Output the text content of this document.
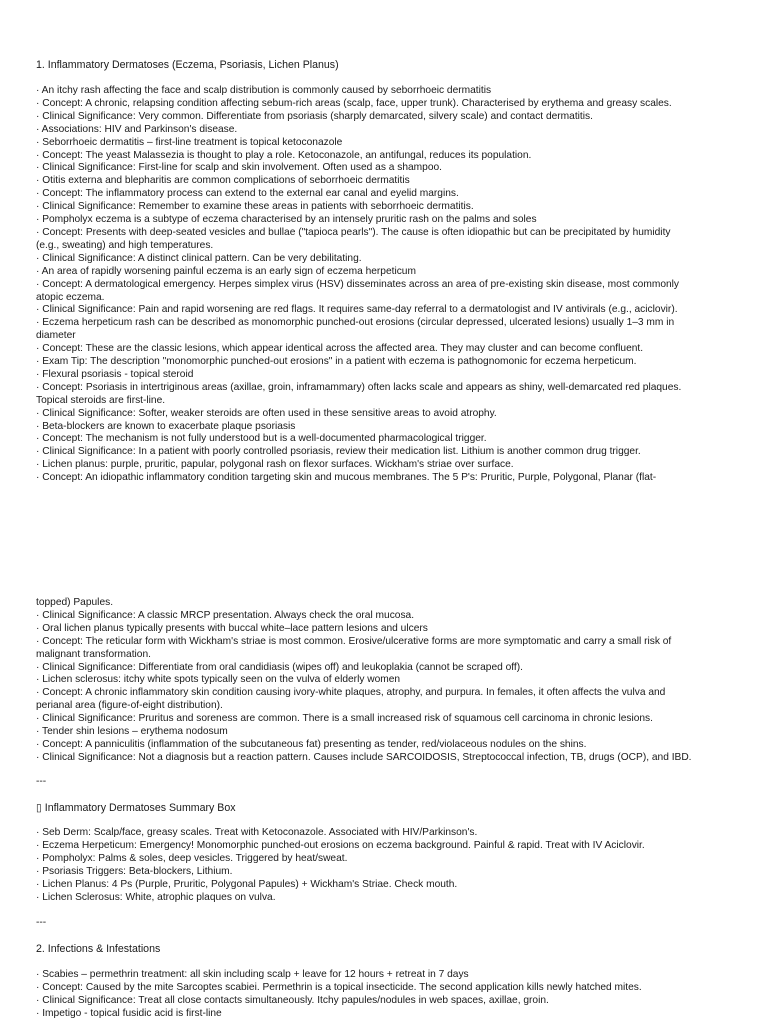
1. Inflammatory Dermatoses (Eczema, Psoriasis, Lichen Planus)
· An itchy rash affecting the face and scalp distribution is commonly caused by seborrhoeic dermatitis
· Concept: A chronic, relapsing condition affecting sebum-rich areas (scalp, face, upper trunk). Characterised by erythema and greasy scales.
· Clinical Significance: Very common. Differentiate from psoriasis (sharply demarcated, silvery scale) and contact dermatitis.
· Associations: HIV and Parkinson's disease.
· Seborrhoeic dermatitis – first-line treatment is topical ketoconazole
· Concept: The yeast Malassezia is thought to play a role. Ketoconazole, an antifungal, reduces its population.
· Clinical Significance: First-line for scalp and skin involvement. Often used as a shampoo.
· Otitis externa and blepharitis are common complications of seborrhoeic dermatitis
· Concept: The inflammatory process can extend to the external ear canal and eyelid margins.
· Clinical Significance: Remember to examine these areas in patients with seborrhoeic dermatitis.
· Pompholyx eczema is a subtype of eczema characterised by an intensely pruritic rash on the palms and soles
· Concept: Presents with deep-seated vesicles and bullae ("tapioca pearls"). The cause is often idiopathic but can be precipitated by humidity
(e.g., sweating) and high temperatures.
· Clinical Significance: A distinct clinical pattern. Can be very debilitating.
· An area of rapidly worsening painful eczema is an early sign of eczema herpeticum
· Concept: A dermatological emergency. Herpes simplex virus (HSV) disseminates across an area of pre-existing skin disease, most commonly
atopic eczema.
· Clinical Significance: Pain and rapid worsening are red flags. It requires same-day referral to a dermatologist and IV antivirals (e.g., aciclovir).
· Eczema herpeticum rash can be described as monomorphic punched-out erosions (circular depressed, ulcerated lesions) usually 1–3 mm in
diameter
· Concept: These are the classic lesions, which appear identical across the affected area. They may cluster and can become confluent.
· Exam Tip: The description "monomorphic punched-out erosions" in a patient with eczema is pathognomonic for eczema herpeticum.
· Flexural psoriasis - topical steroid
· Concept: Psoriasis in intertriginous areas (axillae, groin, inframammary) often lacks scale and appears as shiny, well-demarcated red plaques.
Topical steroids are first-line.
· Clinical Significance: Softer, weaker steroids are often used in these sensitive areas to avoid atrophy.
· Beta-blockers are known to exacerbate plaque psoriasis
· Concept: The mechanism is not fully understood but is a well-documented pharmacological trigger.
· Clinical Significance: In a patient with poorly controlled psoriasis, review their medication list. Lithium is another common drug trigger.
· Lichen planus: purple, pruritic, papular, polygonal rash on flexor surfaces. Wickham's striae over surface.
· Concept: An idiopathic inflammatory condition targeting skin and mucous membranes. The 5 P's: Pruritic, Purple, Polygonal, Planar (flat-
topped) Papules.
· Clinical Significance: A classic MRCP presentation. Always check the oral mucosa.
· Oral lichen planus typically presents with buccal white–lace pattern lesions and ulcers
· Concept: The reticular form with Wickham's striae is most common. Erosive/ulcerative forms are more symptomatic and carry a small risk of
malignant transformation.
· Clinical Significance: Differentiate from oral candidiasis (wipes off) and leukoplakia (cannot be scraped off).
· Lichen sclerosus: itchy white spots typically seen on the vulva of elderly women
· Concept: A chronic inflammatory skin condition causing ivory-white plaques, atrophy, and purpura. In females, it often affects the vulva and
perianal area (figure-of-eight distribution).
· Clinical Significance: Pruritus and soreness are common. There is a small increased risk of squamous cell carcinoma in chronic lesions.
· Tender shin lesions – erythema nodosum
· Concept: A panniculitis (inflammation of the subcutaneous fat) presenting as tender, red/violaceous nodules on the shins.
· Clinical Significance: Not a diagnosis but a reaction pattern. Causes include SARCOIDOSIS, Streptococcal infection, TB, drugs (OCP), and IBD.
---
▯ Inflammatory Dermatoses Summary Box
· Seb Derm: Scalp/face, greasy scales. Treat with Ketoconazole. Associated with HIV/Parkinson's.
· Eczema Herpeticum: Emergency! Monomorphic punched-out erosions on eczema background. Painful & rapid. Treat with IV Aciclovir.
· Pompholyx: Palms & soles, deep vesicles. Triggered by heat/sweat.
· Psoriasis Triggers: Beta-blockers, Lithium.
· Lichen Planus: 4 Ps (Purple, Pruritic, Polygonal Papules) + Wickham's Striae. Check mouth.
· Lichen Sclerosus: White, atrophic plaques on vulva.
---
2. Infections & Infestations
· Scabies – permethrin treatment: all skin including scalp + leave for 12 hours + retreat in 7 days
· Concept: Caused by the mite Sarcoptes scabiei. Permethrin is a topical insecticide. The second application kills newly hatched mites.
· Clinical Significance: Treat all close contacts simultaneously. Itchy papules/nodules in web spaces, axillae, groin.
· Impetigo - topical fusidic acid is first-line
